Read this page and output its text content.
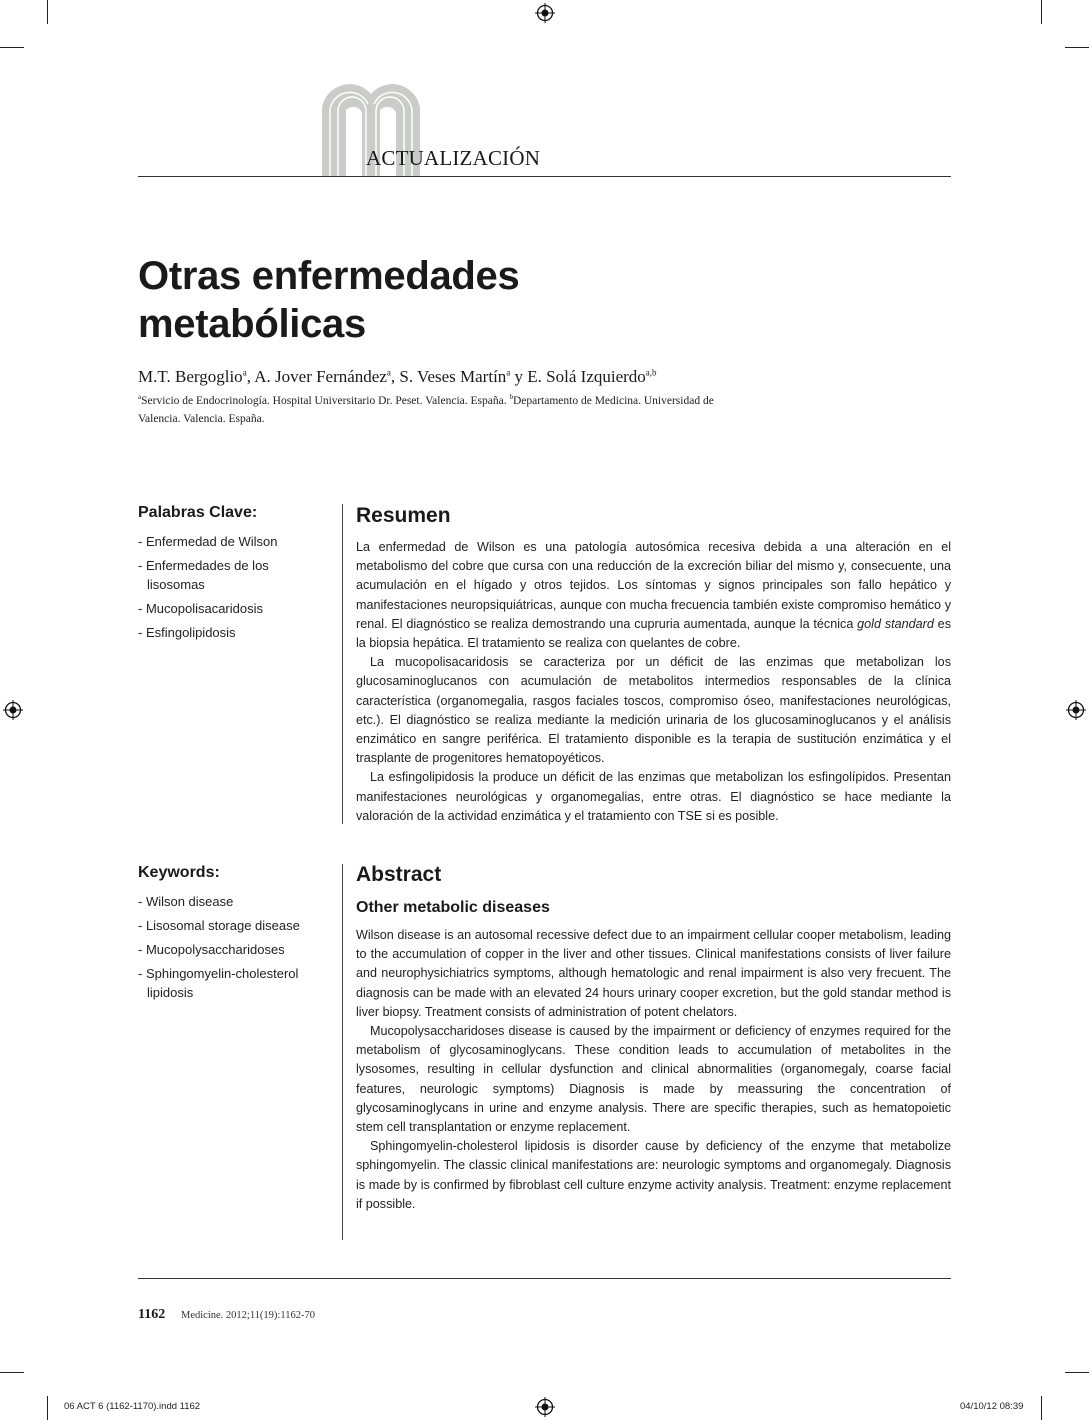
ACTUALIZACIÓN
Otras enfermedades
metabólicas
M.T. Bergoglio$^a$, A. Jover Fernández$^a$, S. Veses Martín$^a$ y E. Solá Izquierdo$^{a,b}$
$^a$Servicio de Endocrinología. Hospital Universitario Dr. Peset. Valencia. España. $^b$Departamento de Medicina. Universidad de Valencia. Valencia. España.
Palabras Clave:
- Enfermedad de Wilson
- Enfermedades de los lisosomas
- Mucopolisacaridosis
- Esfingolipidosis
Resumen

La enfermedad de Wilson es una patología autosómica recesiva debida a una alteración en el metabolismo del cobre que cursa con una reducción de la excreción biliar del mismo y, consecuente, una acumulación en el hígado y otros tejidos. Los síntomas y signos principales son fallo hepático y manifestaciones neuropsiquiátricas, aunque con mucha frecuencia también existe compromiso hemático y renal. El diagnóstico se realiza demostrando una cupruria aumentada, aunque la técnica gold standard es la biopsia hepática. El tratamiento se realiza con quelantes de cobre.

La mucopolisacaridosis se caracteriza por un déficit de las enzimas que metabolizan los glucosaminoglucanos con acumulación de metabolitos intermedios responsables de la clínica característica (organomegalia, rasgos faciales toscos, compromiso óseo, manifestaciones neurológicas, etc.). El diagnóstico se realiza mediante la medición urinaria de los glucosaminoglucanos y el análisis enzimático en sangre periférica. El tratamiento disponible es la terapia de sustitución enzimática y el trasplante de progenitores hematopoyéticos.

La esfingolipidosis la produce un déficit de las enzimas que metabolizan los esfingolípidos. Presentan manifestaciones neurológicas y organomegalias, entre otras. El diagnóstico se hace mediante la valoración de la actividad enzimática y el tratamiento con TSE si es posible.

Keywords:
- Wilson disease
- Lisosomal storage disease
- Mucopolysaccharidoses
- Sphingomyelin-cholesterol lipidosis
Abstract
Other metabolic diseases

Wilson disease is an autosomal recessive defect due to an impairment cellular cooper metabolism, leading to the accumulation of copper in the liver and other tissues. Clinical manifestations consists of liver failure and neurophysichiatrics symptoms, although hematologic and renal impairment is also very frecuent. The diagnosis can be made with an elevated 24 hours urinary cooper excretion, but the gold standar method is liver biopsy. Treatment consists of administration of potent chelators.

Mucopolysaccharidoses disease is caused by the impairment or deficiency of enzymes required for the metabolism of glycosaminoglycans. These condition leads to accumulation of metabolites in the lysosomes, resulting in cellular dysfunction and clinical abnormalities (organomegaly, coarse facial features, neurologic symptoms) Diagnosis is made by meassuring the concentration of glycosaminoglycans in urine and enzyme analysis. There are specific therapies, such as hematopoietic stem cell transplantation or enzyme replacement.

Sphingomyelin-cholesterol lipidosis is disorder cause by deficiency of the enzyme that metabolize sphingomyelin. The classic clinical manifestations are: neurologic symptoms and organomegaly. Diagnosis is made by is confirmed by fibroblast cell culture enzyme activity analysis. Treatment: enzyme replacement if possible.

1162 Medicine. 2012;11(19):1162-70
06 ACT 6 (1162-1170).indd 1162	04/10/12 08:39
